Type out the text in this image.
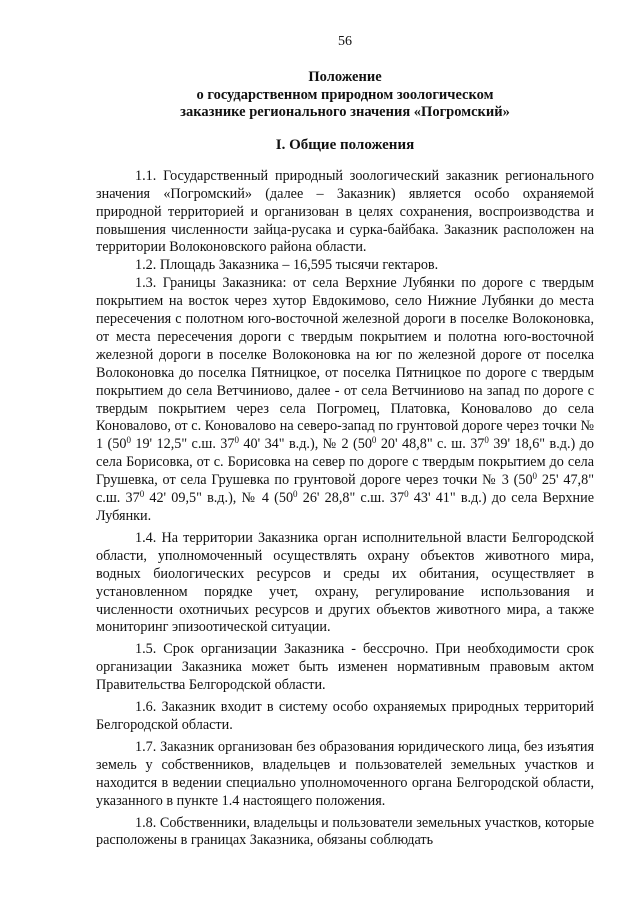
56
Положение
о государственном природном зоологическом
заказнике регионального значения «Погромский»
I. Общие положения

1.1. Государственный природный зоологический заказник регионального значения «Погромский» (далее – Заказник) является особо охраняемой природной территорией и организован в целях сохранения, воспроизводства и повышения численности зайца-русака и сурка-байбака. Заказник расположен на территории Волоконовского района области.

1.2. Площадь Заказника – 16,595 тысячи гектаров.

1.3. Границы Заказника: от села Верхние Лубянки по дороге с твердым покрытием на восток через хутор Евдокимово, село Нижние Лубянки до места пересечения с полотном юго-восточной железной дороги в поселке Волоконовка, от места пересечения дороги с твердым покрытием и полотна юго-восточной железной дороги в поселке Волоконовка на юг по железной дороге от поселка Волоконовка до поселка Пятницкое, от поселка Пятницкое по дороге с твердым покрытием до села Ветчиниово, далее - от села Ветчиниово на запад по дороге с твердым покрытием через села Погромец, Платовка, Коновалово до села Коновалово, от с. Коновалово на северо-запад по грунтовой дороге через точки № 1 ($50^0$ 19' 12,5" с.ш. $37^0$ 40' 34" в.д.), № 2 ($50^0$ 20' 48,8" с. ш. $37^0$ 39' 18,6" в.д.) до села Борисовка, от с. Борисовка на север по дороге с твердым покрытием до села Грушевка, от села Грушевка по грунтовой дороге через точки № 3 ($50^0$ 25' 47,8" с.ш. $37^0$ 42' 09,5" в.д.), № 4 ($50^0$ 26' 28,8" с.ш. $37^0$ 43' 41" в.д.) до села Верхние Лубянки.

1.4. На территории Заказника орган исполнительной власти Белгородской области, уполномоченный осуществлять охрану объектов животного мира, водных биологических ресурсов и среды их обитания, осуществляет в установленном порядке учет, охрану, регулирование использования и численности охотничьих ресурсов и других объектов животного мира, а также мониторинг эпизоотической ситуации.

1.5. Срок организации Заказника - бессрочно. При необходимости срок организации Заказника может быть изменен нормативным правовым актом Правительства Белгородской области.

1.6. Заказник входит в систему особо охраняемых природных территорий Белгородской области.

1.7. Заказник организован без образования юридического лица, без изъятия земель у собственников, владельцев и пользователей земельных участков и находится в ведении специально уполномоченного органа Белгородской области, указанного в пункте 1.4 настоящего положения.

1.8. Собственники, владельцы и пользователи земельных участков, которые расположены в границах Заказника, обязаны соблюдать
